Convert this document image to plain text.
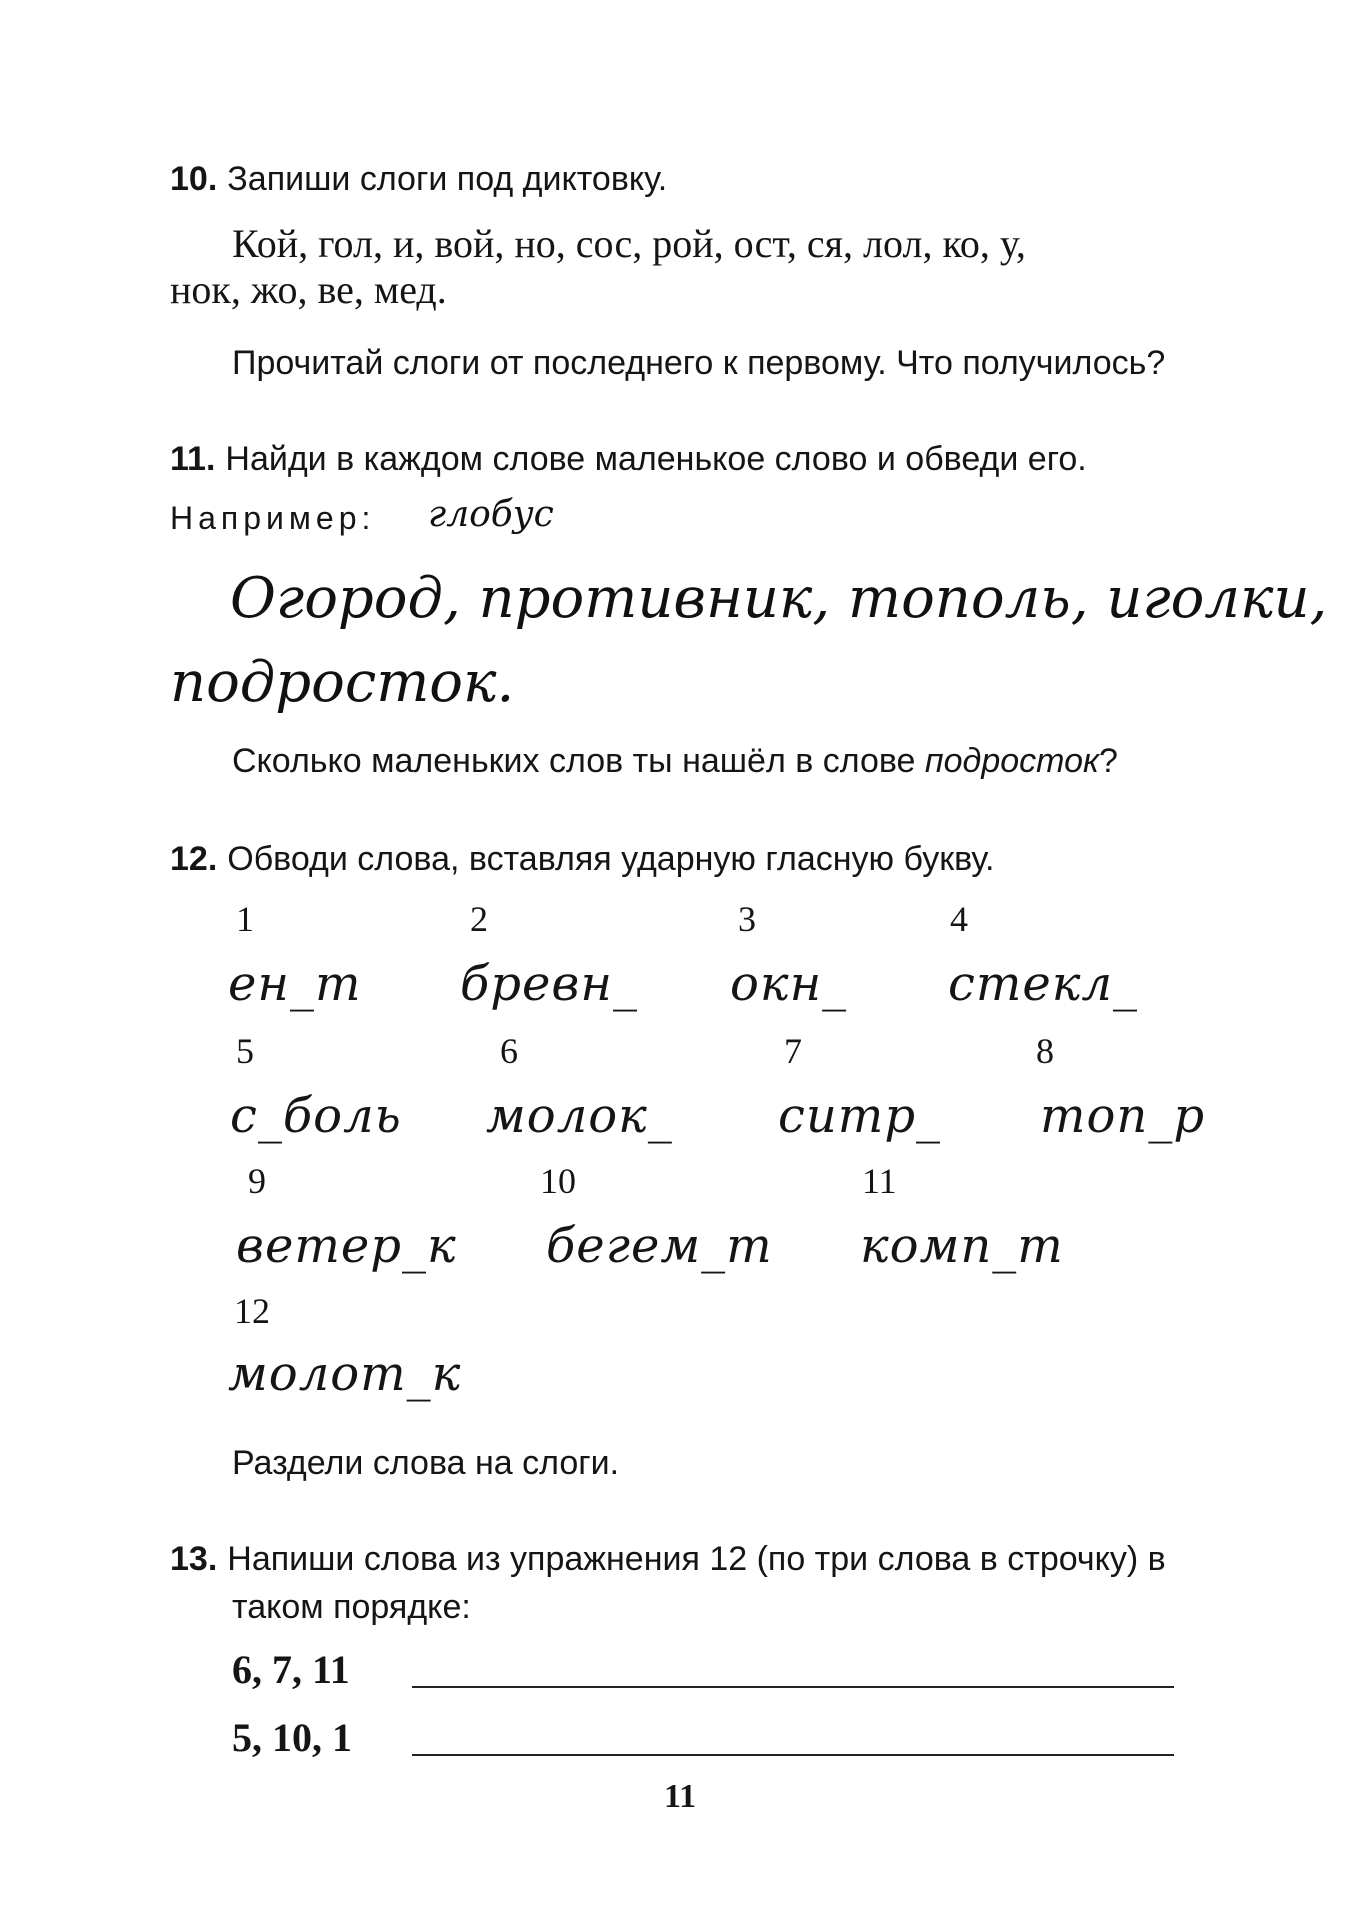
10. Запиши слоги под диктовку.
Кой, гол, и, вой, но, сос, рой, ост, ся, лол, ко, у,
нок, жо, ве, мед.
Прочитай слоги от последнего к первому. Что получилось?
11. Найди в каждом слове маленькое слово и обведи его.
Например: глобус
Огород, противник, тополь, иголки,
подросток.
Сколько маленьких слов ты нашёл в слове подросток?
12. Обводи слова, вставляя ударную гласную букву.
1
ен_т
2
бревн_
3
окн_
4
стекл_
5
с_боль
6
молок_
7
ситр_
8
топ_р
9
ветер_к
10
бегем_т
11
комп_т
12
молот_к
Раздели слова на слоги.
13. Напиши слова из упражнения 12 (по три слова в строчку) в
таком порядке:
6, 7, 11
5, 10, 1
11
